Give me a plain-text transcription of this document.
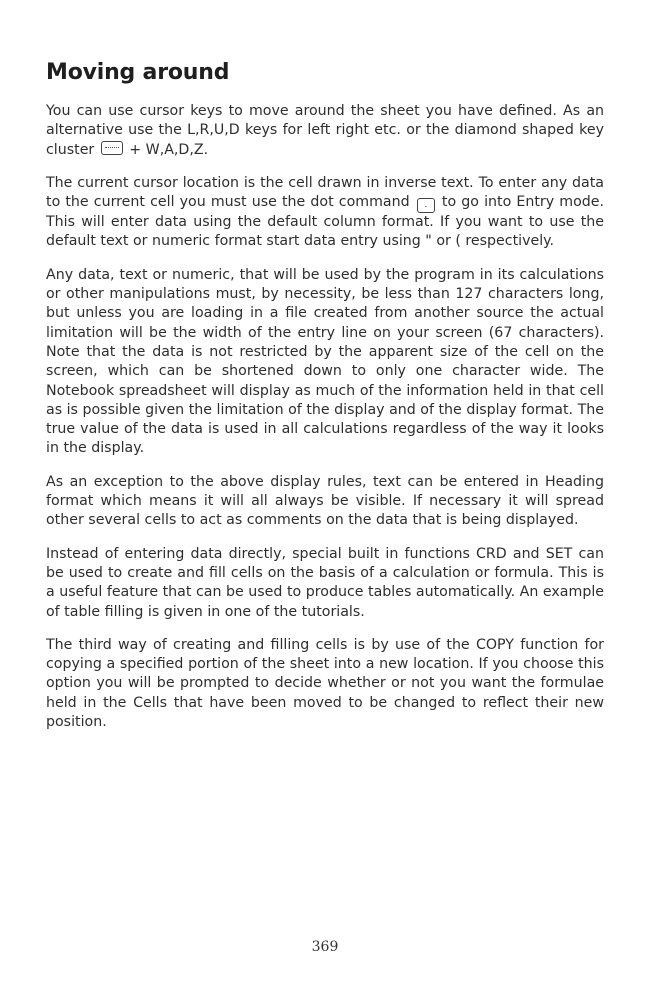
Moving around

You can use cursor keys to move around the sheet you have defined. As an alternative use the L,R,U,D keys for left right etc. or the diamond shaped key cluster + W,A,D,Z.

The current cursor location is the cell drawn in inverse text. To enter any data to the current cell you must use the dot command . to go into Entry mode. This will enter data using the default column format. If you want to use the default text or numeric format start data entry using " or ( respectively.

Any data, text or numeric, that will be used by the program in its calculations or other manipulations must, by necessity, be less than 127 characters long, but unless you are loading in a file created from another source the actual limitation will be the width of the entry line on your screen (67 characters). Note that the data is not restricted by the apparent size of the cell on the screen, which can be shortened down to only one character wide. The Notebook spreadsheet will display as much of the information held in that cell as is possible given the limitation of the display and of the display format. The true value of the data is used in all calculations regardless of the way it looks in the display.

As an exception to the above display rules, text can be entered in Heading format which means it will all always be visible. If necessary it will spread other several cells to act as comments on the data that is being displayed.

Instead of entering data directly, special built in functions CRD and SET can be used to create and fill cells on the basis of a calculation or formula. This is a useful feature that can be used to produce tables automatically. An example of table filling is given in one of the tutorials.

The third way of creating and filling cells is by use of the COPY function for copying a specified portion of the sheet into a new location. If you choose this option you will be prompted to decide whether or not you want the formulae held in the Cells that have been moved to be changed to reflect their new position.

369
